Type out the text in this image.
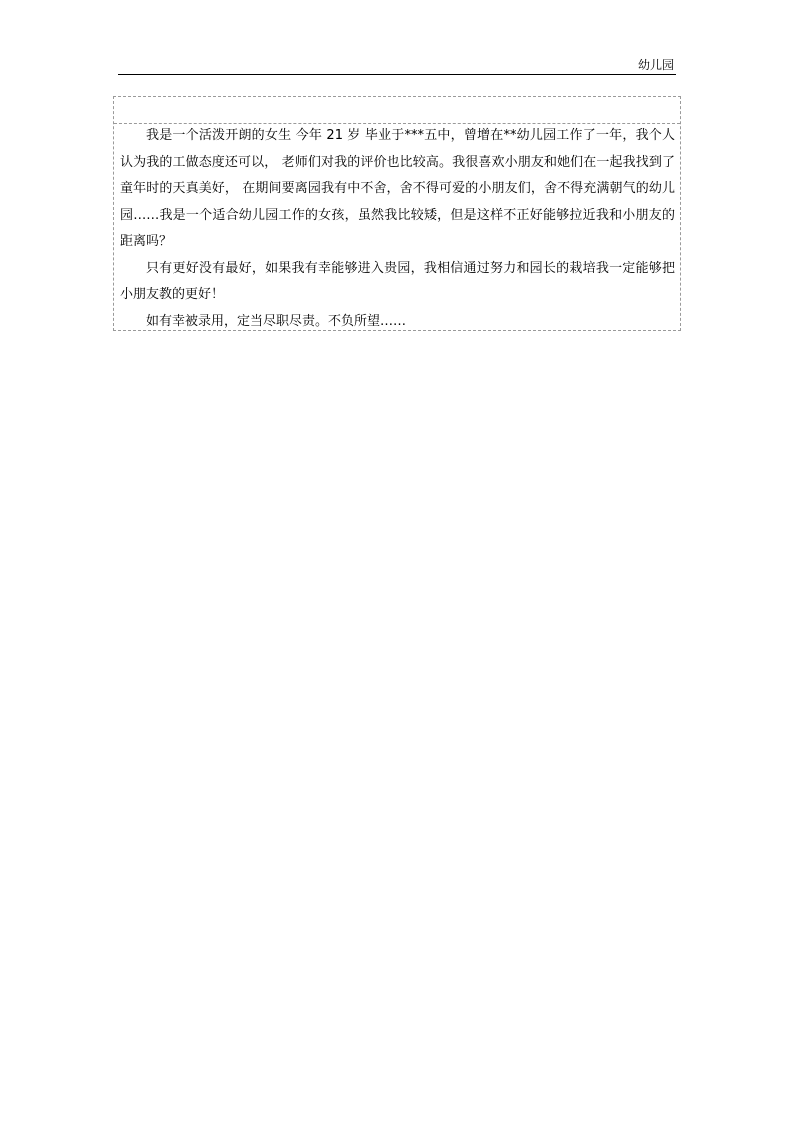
幼儿园

我是一个活泼开朗的女生 今年 21 岁 毕业于***五中，曾增在**幼儿园工作了一年，我个人认为我的工做态度还可以， 老师们对我的评价也比较高。我很喜欢小朋友和她们在一起我找到了童年时的天真美好， 在期间要离园我有中不舍，舍不得可爱的小朋友们，舍不得充满朝气的幼儿园……我是一个适合幼儿园工作的女孩，虽然我比较矮，但是这样不正好能够拉近我和小朋友的距离吗？

只有更好没有最好，如果我有幸能够进入贵园，我相信通过努力和园长的栽培我一定能够把小朋友教的更好！

如有幸被录用，定当尽职尽责。不负所望……
